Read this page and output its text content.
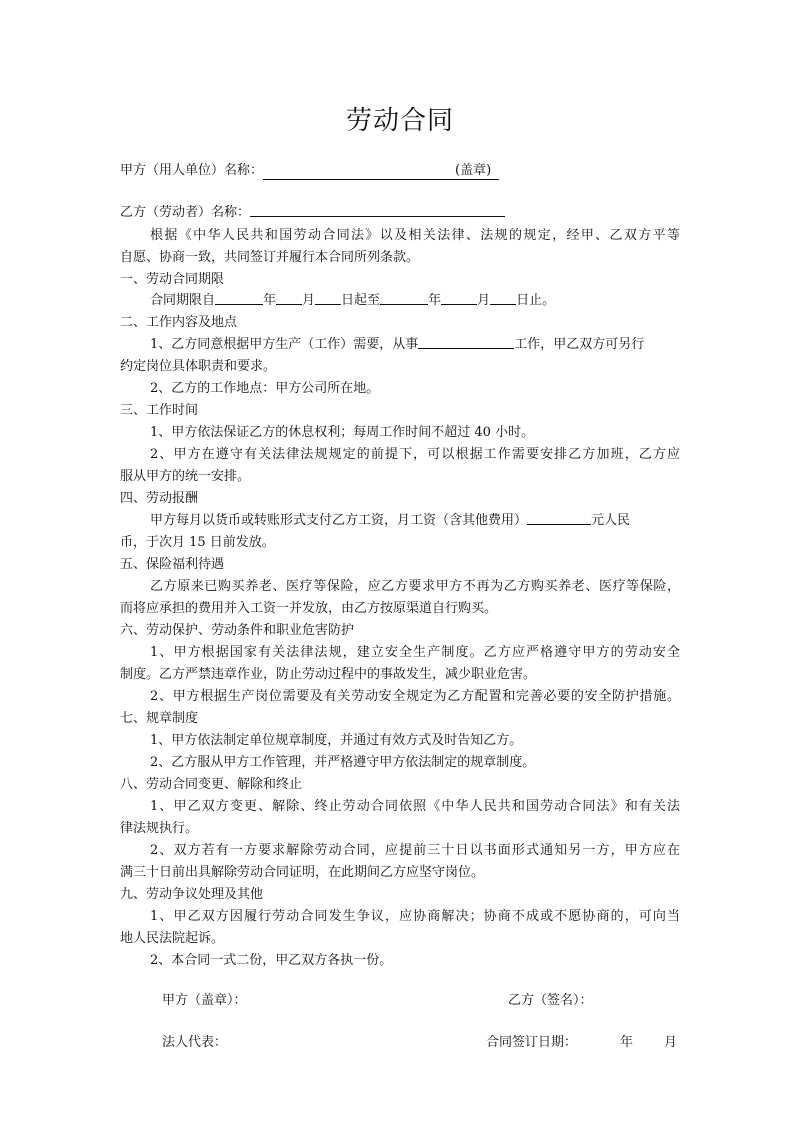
劳动合同
甲方（用人单位）名称：	(盖章)
乙方（劳动者）名称：
根据《中华人民共和国劳动合同法》以及相关法律、法规的规定，经甲、乙双方平等
自愿、协商一致，共同签订并履行本合同所列条款。
一、劳动合同期限
合同期限自	年 月 日起至	年	月 日止。
二、工作内容及地点
1、乙方同意根据甲方生产（工作）需要，从事	工作，甲乙双方可另行
约定岗位具体职责和要求。
2、乙方的工作地点：甲方公司所在地。
三、工作时间
1、甲方依法保证乙方的休息权利；每周工作时间不超过 40 小时。
2、甲方在遵守有关法律法规规定的前提下，可以根据工作需要安排乙方加班，乙方应
服从甲方的统一安排。
四、劳动报酬
甲方每月以货币或转账形式支付乙方工资，月工资（含其他费用）	元人民
币，于次月 15 日前发放。
五、保险福利待遇
乙方原来已购买养老、医疗等保险，应乙方要求甲方不再为乙方购买养老、医疗等保险，
而将应承担的费用并入工资一并发放，由乙方按原渠道自行购买。
六、劳动保护、劳动条件和职业危害防护
1、甲方根据国家有关法律法规，建立安全生产制度。乙方应严格遵守甲方的劳动安全
制度。乙方严禁违章作业，防止劳动过程中的事故发生，减少职业危害。
2、甲方根据生产岗位需要及有关劳动安全规定为乙方配置和完善必要的安全防护措施。
七、规章制度
1、甲方依法制定单位规章制度，并通过有效方式及时告知乙方。
2、乙方服从甲方工作管理，并严格遵守甲方依法制定的规章制度。
八、劳动合同变更、解除和终止
1、甲乙双方变更、解除、终止劳动合同依照《中华人民共和国劳动合同法》和有关法
律法规执行。
2、双方若有一方要求解除劳动合同，应提前三十日以书面形式通知另一方，甲方应在
满三十日前出具解除劳动合同证明，在此期间乙方应坚守岗位。
九、劳动争议处理及其他
1、甲乙双方因履行劳动合同发生争议，应协商解决；协商不成或不愿协商的，可向当
地人民法院起诉。
2、本合同一式二份，甲乙双方各执一份。
甲方（盖章）：	乙方（签名）：
法人代表：	合同签订日期：	年 月
